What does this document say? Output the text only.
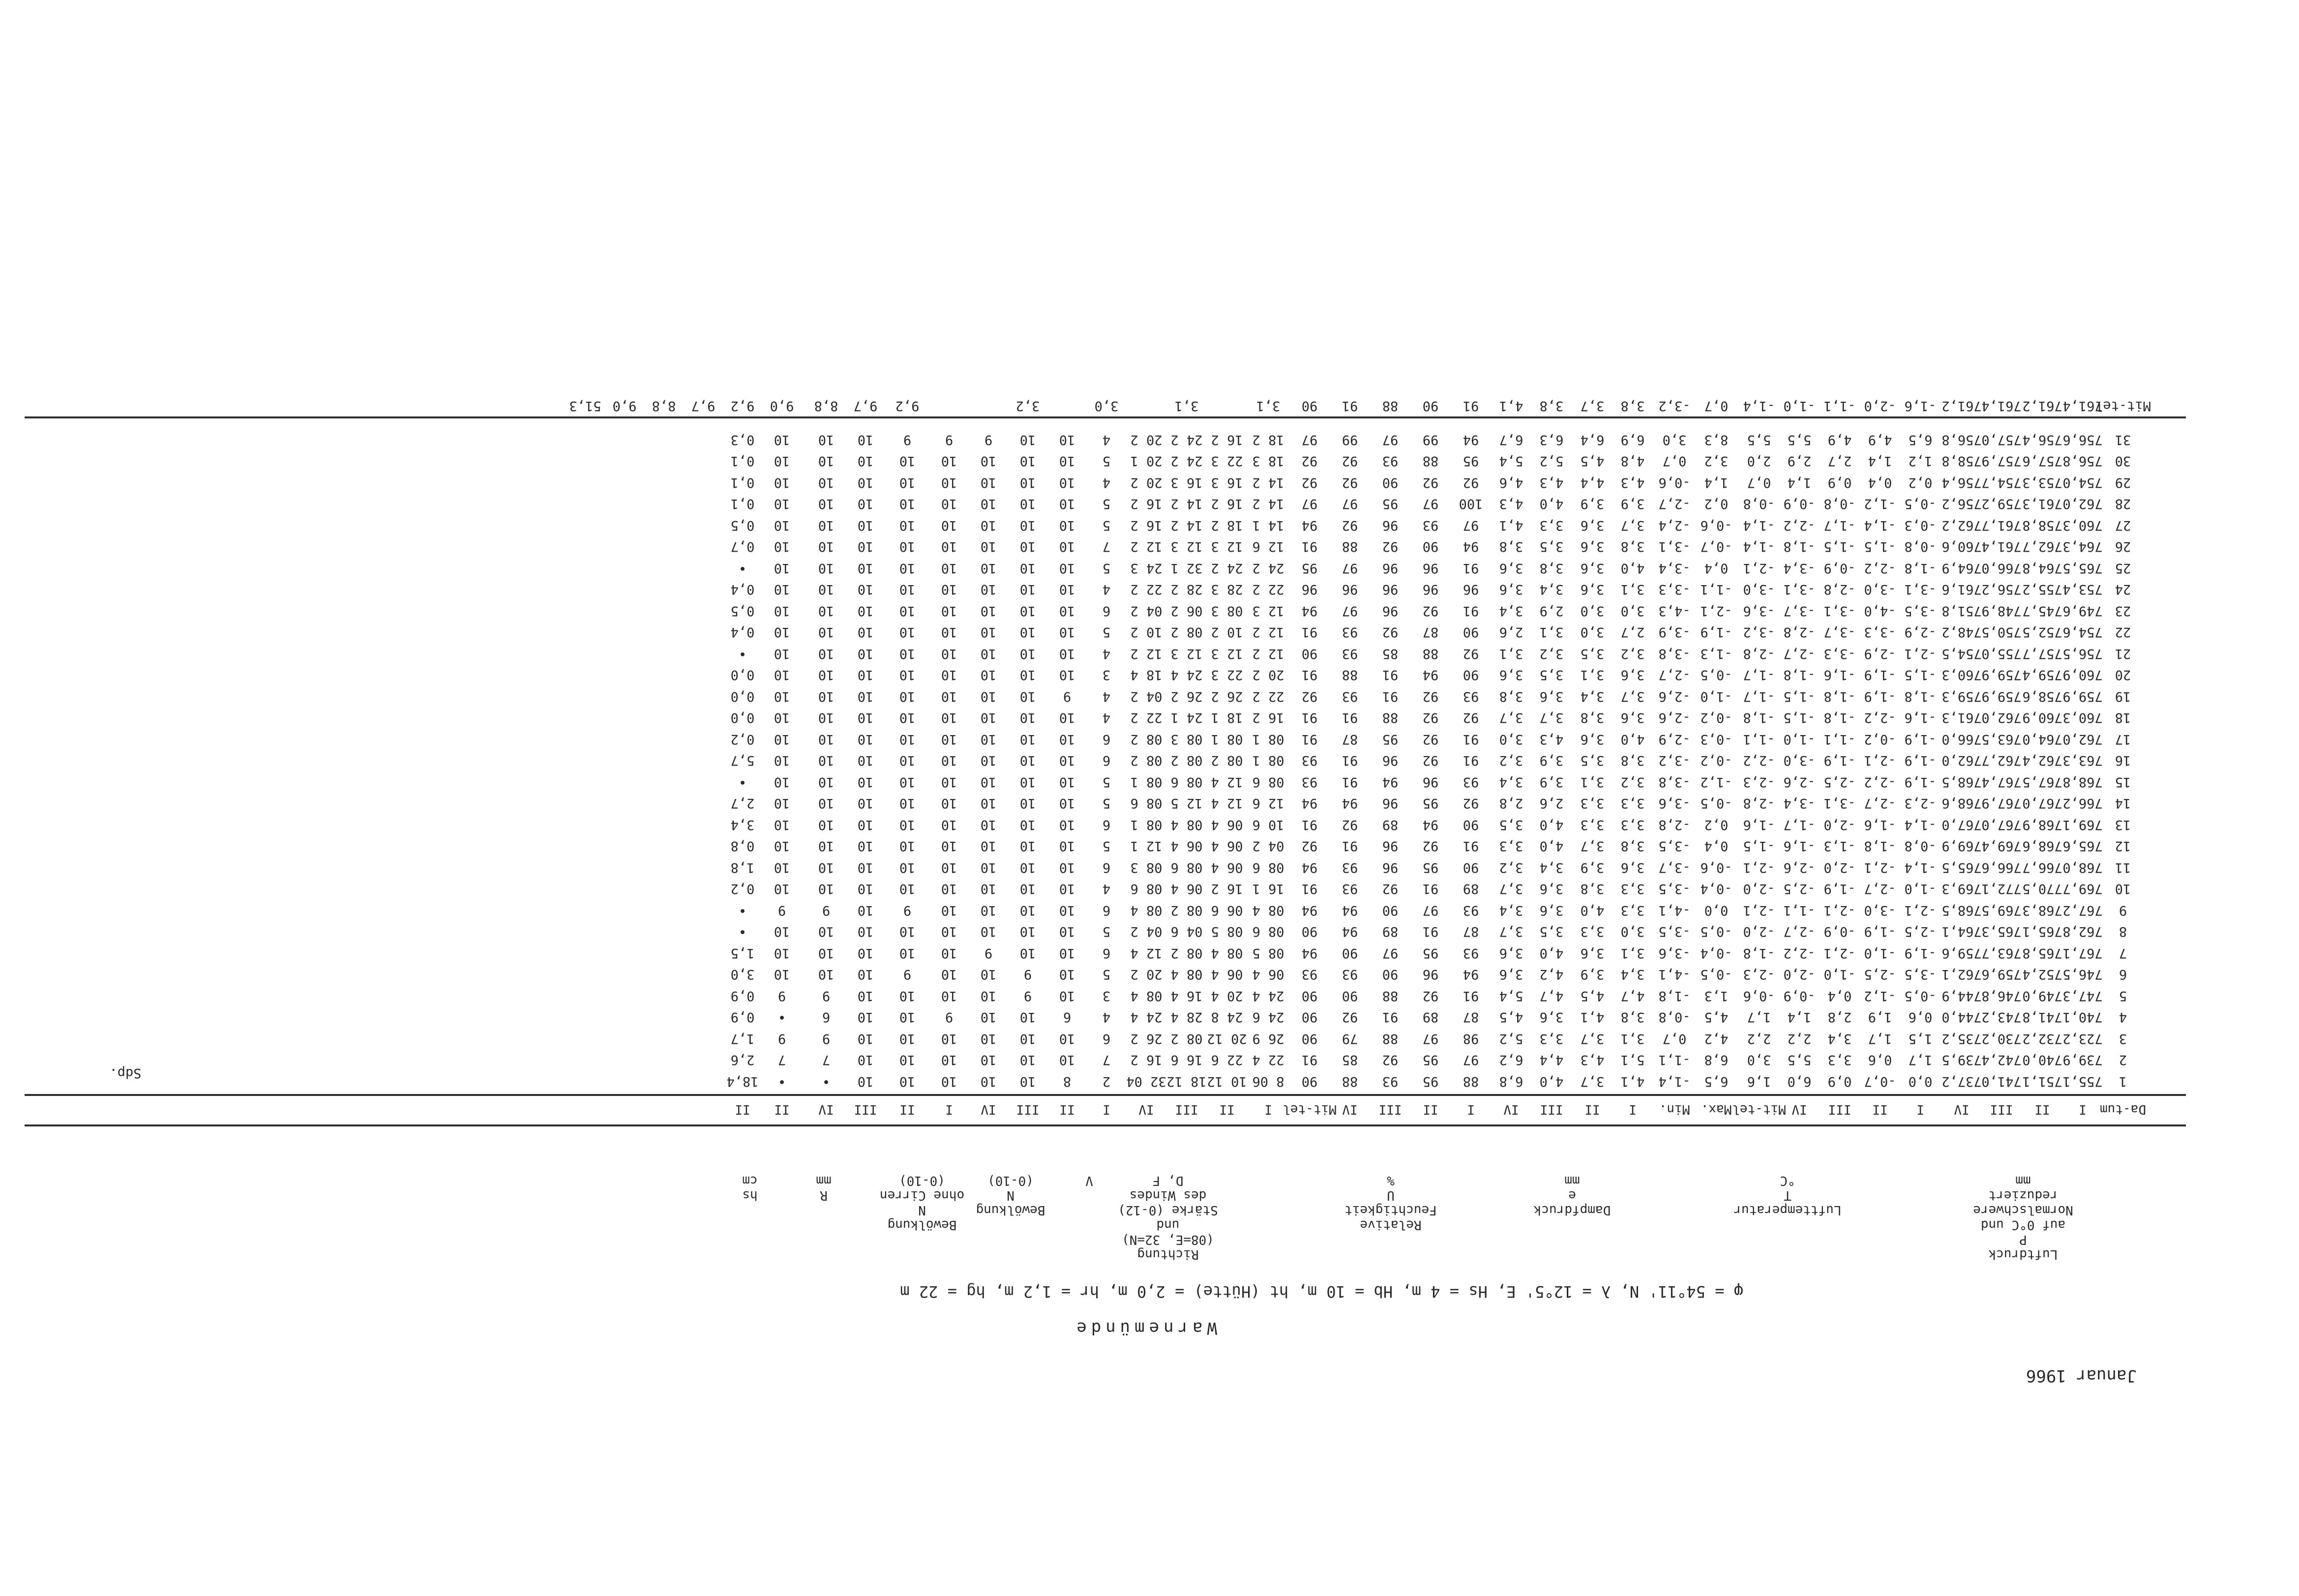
Januar 1966
Warnemünde
φ = 54°11' N, λ = 12°5' E, Hs = 4 m, Hb = 10 m, ht (Hütte) = 2,0 m, hr = 1,2 m, hg = 22 m
Luftdruck
P
auf 0°C und
Normalschwere
reduziert
mm
Lufttemperatur
T
°C
Dampfdruck
e
mm
Relative
Feuchtigkeit
U
%
Richtung
(08=E, 32=N)
und
Stärke (0-12)
des Windes
D, F
V
Bewölkung
N
(0-10)
Bewölkung
N
ohne Cirren
(0-10)
R
mm
hs
cm
Da-tum
I
II
III
IV
I
II
III
IV
Mit-tel
Max.
Min.
I
II
III
IV
I
II
III
IV
Mit-tel
I
II
III
IV
I
II
III
IV
I
II
III
IV
II
II
1
755,1
751,1
741,0
737,2
0,0
-0,7
0,9
6,0
1,6
6,5
-1,4
4,1
3,7
4,0
6,8
88
95
93
88
90
8 06
10 12
18 12
32 04
2
8
10
10
10
10
10
•
•
18,4
2
739,9
740,0
742,4
739,5
1,7
0,6
3,3
5,5
3,0
6,8
-1,1
5,1
4,3
4,4
6,2
97
95
92
85
91
22 4
22 6
16 6
16 2
7
10
10
10
10
10
10
7
7
2,6
3
723,2
732,2
730,2
735,2
1,5
1,7
3,4
2,2
2,2
4,2
0,7
3,1
3,7
3,3
5,2
98
97
88
79
90
26 9
20 12
08 2
26 2
6
10
10
10
10
10
10
9
9
1,7
4
740,1
741,8
743,2
744,0
0,6
1,9
2,8
1,4
1,7
4,5
-0,8
3,8
4,1
3,6
4,5
87
89
91
92
90
24 6
24 8
28 4
24 4
4
6
10
10
9
10
10
6
•
0,9
5
747,3
749,0
746,8
744,9
-0,5
-1,2
0,4
-0,9
-0,6
1,3
-1,8
4,7
4,5
4,7
5,4
91
92
88
90
90
24 4
20 4
16 4
08 4
3
10
9
10
10
10
10
9
9
0,9
6
746,5
752,4
759,6
762,1
-3,5
-2,5
-1,0
-2,0
-2,3
-0,5
-4,1
3,4
3,9
4,2
3,6
94
96
90
93
93
06 4
06 4
08 4
20 2
5
10
9
10
10
9
10
10
10
3,0
7
767,1
765,8
763,7
759,6
-1,9
-1,0
-2,1
-2,2
-1,8
-0,4
-3,6
3,1
3,6
4,0
3,6
93
95
97
90
94
08 5
08 4
08 2
12 4
6
10
10
9
10
10
10
10
10
1,5
8
762,8
765,1
765,3
764,1
-2,5
-1,9
-0,9
-2,7
-2,0
-0,5
-3,5
3,0
3,3
3,5
3,7
87
91
89
94
90
08 6
08 5
04 6
04 2
5
10
10
10
10
10
10
10
10
•
9
767,2
768,3
769,5
768,5
-2,1
-3,0
-2,1
-1,1
-2,1
0,0
-4,1
3,3
4,0
3,6
3,4
93
97
90
94
94
08 4
06 6
08 2
08 4
6
10
10
10
10
9
10
9
9
•
10
769,7
770,5
772,1
769,3
-1,0
-2,7
-1,9
-2,5
-2,0
-0,4
-3,5
3,3
3,8
3,6
3,7
89
91
92
93
91
16 1
16 2
06 4
08 6
4
10
10
10
10
10
10
10
10
0,2
11
768,0
766,7
766,6
765,5
-1,4
-2,1
-2,0
-2,6
-2,1
-0,6
-3,7
3,6
3,9
3,4
3,2
90
95
96
93
94
08 6
06 4
08 6
08 3
6
10
10
10
10
10
10
10
10
1,8
12
765,6
768,6
769,4
769,9
-0,8
-1,8
-1,3
-1,6
-1,5
0,4
-3,5
3,8
3,7
4,0
3,3
91
92
96
91
92
04 2
06 4
06 4
12 1
5
10
10
10
10
10
10
10
10
0,8
13
769,1
768,9
767,0
767,0
-1,4
-1,6
-2,0
-1,7
-1,6
0,2
-2,8
3,3
3,3
4,0
3,5
90
94
89
92
91
10 6
06 4
08 4
08 1
6
10
10
10
10
10
10
10
10
3,4
14
766,2
767,0
767,9
768,6
-2,3
-2,7
-3,1
-3,4
-2,8
-0,5
-3,6
3,3
3,3
2,6
2,8
92
95
96
94
94
12 6
12 4
12 5
08 6
5
10
10
10
10
10
10
10
10
2,7
15
768,8
767,5
767,4
768,5
-1,9
-2,2
-2,5
-2,6
-2,3
-1,2
-3,8
3,2
3,1
3,9
3,4
93
96
94
91
93
08 6
12 4
08 6
08 1
5
10
10
10
10
10
10
10
10
•
16
763,3
762,4
762,7
762,0
-1,9
-2,1
-1,9
-3,0
-2,2
-0,2
-3,2
3,8
3,5
3,9
3,2
91
92
96
91
93
08 1
08 2
08 2
08 2
6
10
10
10
10
10
10
10
10
5,7
17
762,0
764,0
763,5
766,0
-1,9
-0,2
-1,1
-1,0
-1,1
-0,3
-2,9
4,0
3,6
4,3
3,0
91
92
95
87
91
08 1
08 1
08 3
08 2
6
10
10
10
10
10
10
10
10
0,2
18
760,3
760,9
762,0
761,3
-1,6
-2,2
-1,8
-1,5
-1,8
-0,2
-2,6
3,6
3,8
3,7
3,7
92
92
88
91
91
16 2
18 1
24 1
22 2
4
10
10
10
10
10
10
10
10
0,0
19
759,9
758,6
759,9
759,3
-1,8
-1,9
-1,8
-1,5
-1,7
-1,0
-2,6
3,7
3,4
3,6
3,8
93
92
91
93
92
22 2
26 2
26 2
04 2
4
9
10
10
10
10
10
10
10
0,0
20
760,9
759,4
759,9
760,3
-1,5
-1,9
-1,6
-1,8
-1,7
-0,5
-2,7
3,6
3,1
3,5
3,6
90
94
91
88
91
20 2
22 3
24 4
18 4
3
10
10
10
10
10
10
10
10
0,0
21
756,5
757,7
755,0
754,5
-2,1
-2,9
-3,3
-2,7
-2,8
-1,3
-3,8
3,2
3,5
3,2
3,1
92
88
85
93
90
12 2
12 3
12 3
12 2
4
10
10
10
10
10
10
10
10
•
22
754,6
752,5
750,5
748,2
-2,9
-3,3
-3,7
-2,8
-3,2
-1,9
-3,9
2,7
3,0
3,1
2,6
90
87
92
93
91
12 2
10 2
08 2
10 2
5
10
10
10
10
10
10
10
10
0,4
23
749,6
745,7
748,9
751,8
-3,5
-4,0
-3,1
-3,7
-3,6
-2,1
-4,3
3,0
3,0
2,9
3,4
91
92
96
97
94
12 3
08 3
06 2
04 2
6
10
10
10
10
10
10
10
10
0,5
24
753,4
755,2
756,2
761,6
-3,1
-3,0
-2,8
-3,1
-3,0
-1,1
-3,3
3,1
3,6
3,4
3,6
96
96
96
96
96
22 2
28 3
28 2
22 2
4
10
10
10
10
10
10
10
10
0,4
25
765,5
764,8
766,0
764,9
-1,8
-2,2
-0,9
-3,4
-2,1
0,4
-3,4
4,0
3,6
3,8
3,6
91
96
96
97
95
24 2
24 2
32 1
24 3
5
10
10
10
10
10
10
10
10
•
26
764,3
762,7
761,4
760,6
-0,8
-1,5
-1,5
-1,8
-1,4
-0,7
-3,1
3,8
3,6
3,5
3,8
94
90
92
88
91
12 6
12 3
12 3
12 2
7
10
10
10
10
10
10
10
10
0,7
27
760,3
758,8
761,7
762,2
-0,3
-1,4
-1,7
-2,2
-1,4
-0,6
-2,4
3,7
3,6
3,3
4,1
97
93
96
92
94
14 1
18 2
14 2
16 2
5
10
10
10
10
10
10
10
10
0,5
28
762,0
761,3
759,2
756,2
-0,5
-1,2
-0,8
-0,9
-0,8
0,2
-2,7
3,9
3,9
4,0
4,3
100
97
95
97
97
14 2
16 2
14 2
16 2
5
10
10
10
10
10
10
10
10
0,1
29
754,0
753,3
754,7
756,4
0,2
0,4
0,9
1,4
0,7
1,4
-0,6
4,3
4,4
4,3
4,6
92
92
90
92
92
14 2
16 3
16 3
20 2
4
10
10
10
10
10
10
10
10
0,1
30
756,8
757,6
757,9
758,8
1,2
1,4
2,7
2,9
2,0
3,2
0,7
4,8
4,5
5,2
5,4
95
88
93
92
92
18 3
22 3
24 2
20 1
5
10
10
10
10
10
10
10
10
0,1
31
756,6
756,4
757,0
756,8
6,5
4,9
4,9
5,5
5,5
8,3
3,0
6,9
6,4
6,3
6,7
94
99
97
99
97
18 2
16 2
24 2
20 2
4
10
10
9
9
9
10
10
10
0,3
Sdp.
Mit-tel
761,4
761,2
761,4
761,2
-1,6
-2,0
-1,1
-1,0
-1,4
0,7
-3,2
3,8
3,7
3,8
4,1
91
90
88
91
90
3,1
3,1
3,0
3,2
9,2
9,7
8,8
9,0
9,2
9,7
8,8
9,0
51,3
